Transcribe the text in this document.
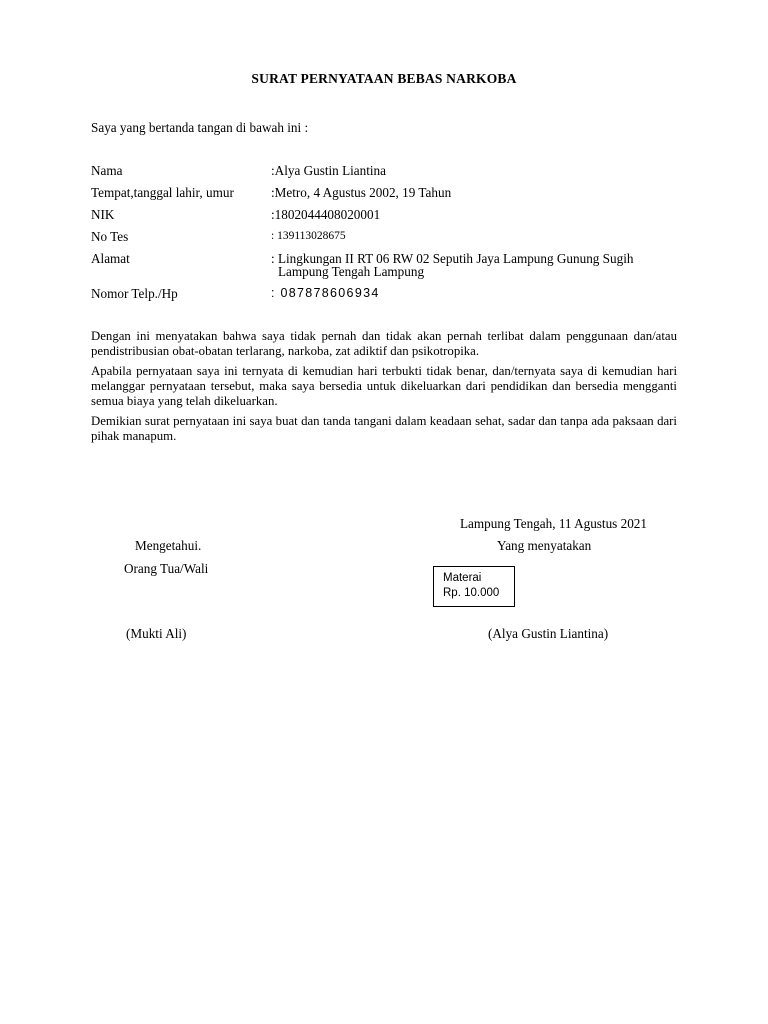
SURAT PERNYATAAN BEBAS NARKOBA
Saya yang bertanda tangan di bawah ini :
Nama	:Alya Gustin Liantina
Tempat,tanggal lahir, umur	:Metro, 4 Agustus 2002, 19 Tahun
NIK	:1802044408020001
No Tes	: 139113028675
Alamat	: Lingkungan II RT 06 RW 02 Seputih Jaya Lampung Gunung Sugih
Lampung Tengah Lampung
Nomor Telp./Hp	: 087878606934
Dengan ini menyatakan bahwa saya tidak pernah dan tidak akan pernah terlibat dalam penggunaan dan/atau pendistribusian obat-obatan terlarang, narkoba, zat adiktif dan psikotropika.
Apabila pernyataan saya ini ternyata di kemudian hari terbukti tidak benar, dan/ternyata saya di kemudian hari melanggar pernyataan tersebut, maka saya bersedia untuk dikeluarkan dari pendidikan dan bersedia mengganti semua biaya yang telah dikeluarkan.
Demikian surat pernyataan ini saya buat dan tanda tangani dalam keadaan sehat, sadar dan tanpa ada paksaan dari pihak manapum.
Lampung Tengah, 11 Agustus 2021
Mengetahui.
Orang Tua/Wali
(Mukti Ali)
Yang menyatakan
Materai
Rp. 10.000
(Alya Gustin Liantina)
